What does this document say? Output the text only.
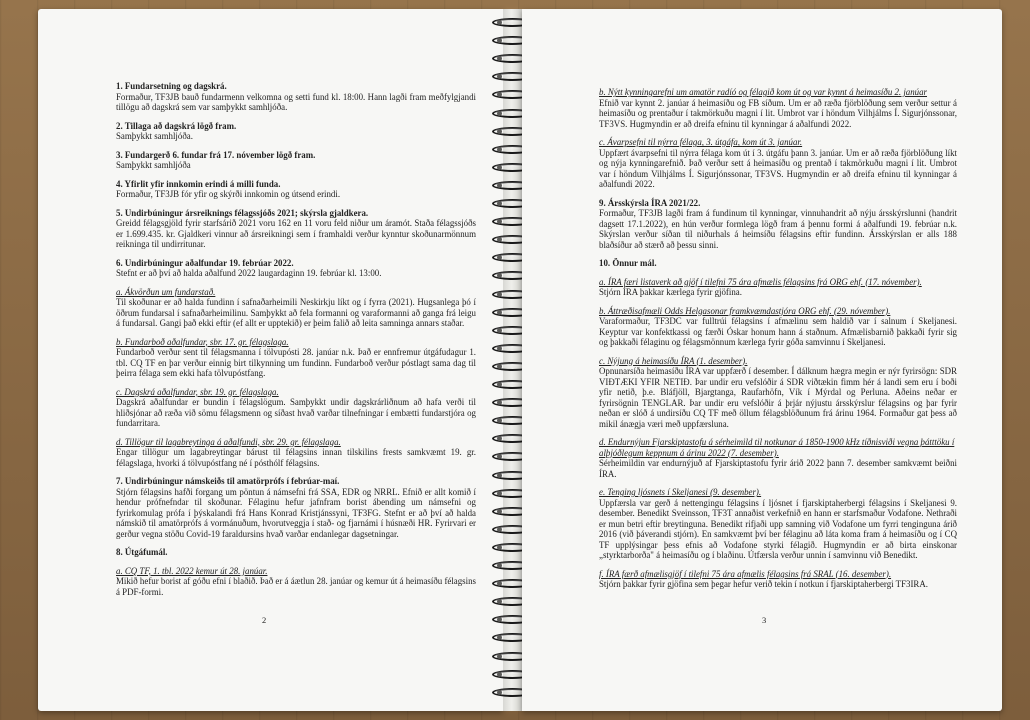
1. Fundarsetning og dagskrá.

Formaður, TF3JB bauð fundarmenn velkomna og setti fund kl. 18:00. Hann lagði fram meðfylgjandi tillögu að dagskrá sem var samþykkt samhljóða.

2. Tillaga að dagskrá lögð fram.

Samþykkt samhljóða.

3. Fundargerð 6. fundar frá 17. nóvember lögð fram.

Samþykkt samhljóða

4. Yfirlit yfir innkomin erindi á milli funda.

Formaður, TF3JB fór yfir og skýrði innkomin og útsend erindi.

5. Undirbúningur ársreiknings félagssjóðs 2021; skýrsla gjaldkera.

Greidd félagsgjöld fyrir starfsárið 2021 voru 162 en 11 voru feld niður um áramót. Staða félagssjóðs er 1.699.435. kr. Gjaldkeri vinnur að ársreikningi sem í framhaldi verður kynntur skoðunarmönnum reikninga til undirritunar.

6. Undirbúningur aðalfundar 19. febrúar 2022.

Stefnt er að því að halda aðalfund 2022 laugardaginn 19. febrúar kl. 13:00.

a. Ákvörðun um fundarstað.

Til skoðunar er að halda fundinn í safnaðarheimili Neskirkju líkt og í fyrra (2021). Hugsanlega þó í öðrum fundarsal í safnaðarheimilinu. Samþykkt að fela formanni og varaformanni að ganga frá leigu á fundarsal. Gangi það ekki eftir (ef allt er upptekið) er þeim falið að leita samninga annars staðar.

b. Fundarboð aðalfundar, sbr. 17. gr. félagslaga.

Fundarboð verður sent til félagsmanna í tölvupósti 28. janúar n.k. Það er ennfremur útgáfudagur 1. tbl. CQ TF en þar verður einnig birt tilkynning um fundinn. Fundarboð verður póstlagt sama dag til þeirra félaga sem ekki hafa tölvupóstfang.

c. Dagskrá aðalfundar, sbr. 19. gr. félagslaga.

Dagskrá aðalfundar er bundin í félagslögum. Samþykkt undir dagskrárliðnum að hafa verði til hliðsjónar að ræða við sömu félagsmenn og síðast hvað varðar tilnefningar í embætti fundarstjóra og fundarritara.

d. Tillögur til lagabreytinga á aðalfundi, sbr. 29. gr. félagslaga.

Engar tillögur um lagabreytingar bárust til félagsins innan tilskilins frests samkvæmt 19. gr. félagslaga, hvorki á tölvupóstfang né í pósthólf félagsins.

7. Undirbúningur námskeiðs til amatörprófs í febrúar-maí.

Stjórn félagsins hafði forgang um pöntun á námsefni frá SSA, EDR og NRRL. Efnið er allt komið í hendur prófnefndar til skoðunar. Félaginu hefur jafnfram borist ábending um námsefni og fyrirkomulag prófa í þýskalandi frá Hans Konrad Kristjánssyni, TF3FG. Stefnt er að því að halda námskið til amatörprófs á vormánuðum, hvorutveggja í stað- og fjarnámi í húsnæði HR. Fyrirvari er gerður vegna stöðu Covid-19 faraldursins hvað varðar endanlegar dagsetningar.

8. Útgáfumál.
a. CQ TF, 1. tbl. 2022 kemur út 28. janúar.

Mikið hefur borist af góðu efni í blaðið. Það er á áætlun 28. janúar og kemur út á heimasíðu félagsins á PDF-formi.

2
b. Nýtt kynningarefni um amatör radíó og félagið kom út og var kynnt á heimasíðu 2. janúar

Efnið var kynnt 2. janúar á heimasíðu og FB síðum. Um er að ræða fjörblöðung sem verður settur á heimasíðu og prentaður í takmörkuðu magni í lit. Umbrot var í höndum Vilhjálms Í. Sigurjónssonar, TF3VS. Hugmyndin er að dreifa efninu til kynningar á aðalfundi 2022.

c. Ávarpsefni til nýrra félaga, 3. útgáfa, kom út 3. janúar.

Uppfært ávarpsefni til nýrra félaga kom út í 3. útgáfu þann 3. janúar. Um er að ræða fjörblöðung líkt og nýja kynningarefnið. Það verður sett á heimasíðu og prentað í takmörkuðu magni í lit. Umbrot var í höndum Vilhjálms Í. Sigurjónssonar, TF3VS. Hugmyndin er að dreifa efninu til kynningar á aðalfundi 2022.

9. Ársskýrsla ÍRA 2021/22.

Formaður, TF3JB lagði fram á fundinum til kynningar, vinnuhandrit að nýju ársskýrslunni (handrit dagsett 17.1.2022), en hún verður formlega lögð fram á þennu formi á aðalfundi 19. febrúar n.k. Skýrslan verður síðan til niðurhals á heimsíðu félagsins eftir fundinn. Ársskýrslan er alls 188 blaðsíður að stærð að þessu sinni.

10. Önnur mál.
a. ÍRA færi listaverk að gjöf í tilefni 75 ára afmælis félagsins frá ORG ehf. (17. nóvember).

Stjórn ÍRA þakkar kærlega fyrir gjöfina.

b. Áttræðisafmæli Odds Helgasonar framkvæmdastjóra ORG ehf. (29. nóvember).

Varaformaður, TF3DC var fulltrúi félagsins í afmælinu sem haldið var í salnum í Skeljanesi. Keyptur var konfektkassi og færði Óskar honum hann á staðnum. Afmælisbarnið þakkaði fyrir sig og þakkaði félaginu og félagsmönnum kærlega fyrir góða samvinnu í Skeljanesi.

c. Nýjung á heimasíðu ÍRA (1. desember).

Opnunarsíða heimasíðu ÍRA var uppfærð í desember. Í dálknum hægra megin er nýr fyrirsögn: SDR VIÐTÆKI YFIR NETIÐ. Þar undir eru vefslóðir á SDR viðtækin fimm hér á landi sem eru í boði yfir netið, þ.e. Bláfjöll, Bjargtanga, Raufarhöfn, Vík í Mýrdal og Perluna. Aðeins neðar er fyrirsögnin TENGLAR. Þar undir eru vefslóðir á þrjár nýjustu ársskýrslur félagsins og þar fyrir neðan er slóð á undirsíðu CQ TF með öllum félagsblöðunum frá árinu 1964. Formaður gat þess að mikil ánægja væri með uppfærsluna.

d. Endurnýjun Fjarskiptastofu á sérheimild til notkunar á 1850-1900 kHz tíðnisviði vegna þátttöku í alþjóðlegum keppnum á árinu 2022 (7. desember).

Sérheimildin var endurnýjuð af Fjarskiptastofu fyrir árið 2022 þann 7. desember samkvæmt beiðni ÍRA.

e. Tenging ljósnets í Skeljanesi (9. desember).

Uppfærsla var gerð á nettengingu félagsins í ljósnet í fjarskiptaherbergi félagsins í Skeljanesi 9. desember. Benedikt Sveinsson, TF3T annaðist verkefnið en hann er starfsmaður Vodafone. Nethraði er mun betri eftir breytinguna. Benedikt rifjaði upp samning við Vodafone um fyrri tenginguna árið 2016 (við þáverandi stjórn). En samkvæmt því ber félaginu að láta koma fram á heimasíðu og í CQ TF upplýsingar þess efnis að Vodafone styrki félagið. Hugmyndin er að birta einskonar „styrktarborða" á heimasíðu og í blaðinu. Útfærsla verður unnin í samvinnu við Benedikt.

f. ÍRA færð afmælisgjöf í tilefni 75 ára afmælis félagsins frá SRAL (16. desember).

Stjórn þakkar fyrir gjöfina sem þegar hefur verið tekin í notkun í fjarskiptaherbergi TF3IRA.

3
